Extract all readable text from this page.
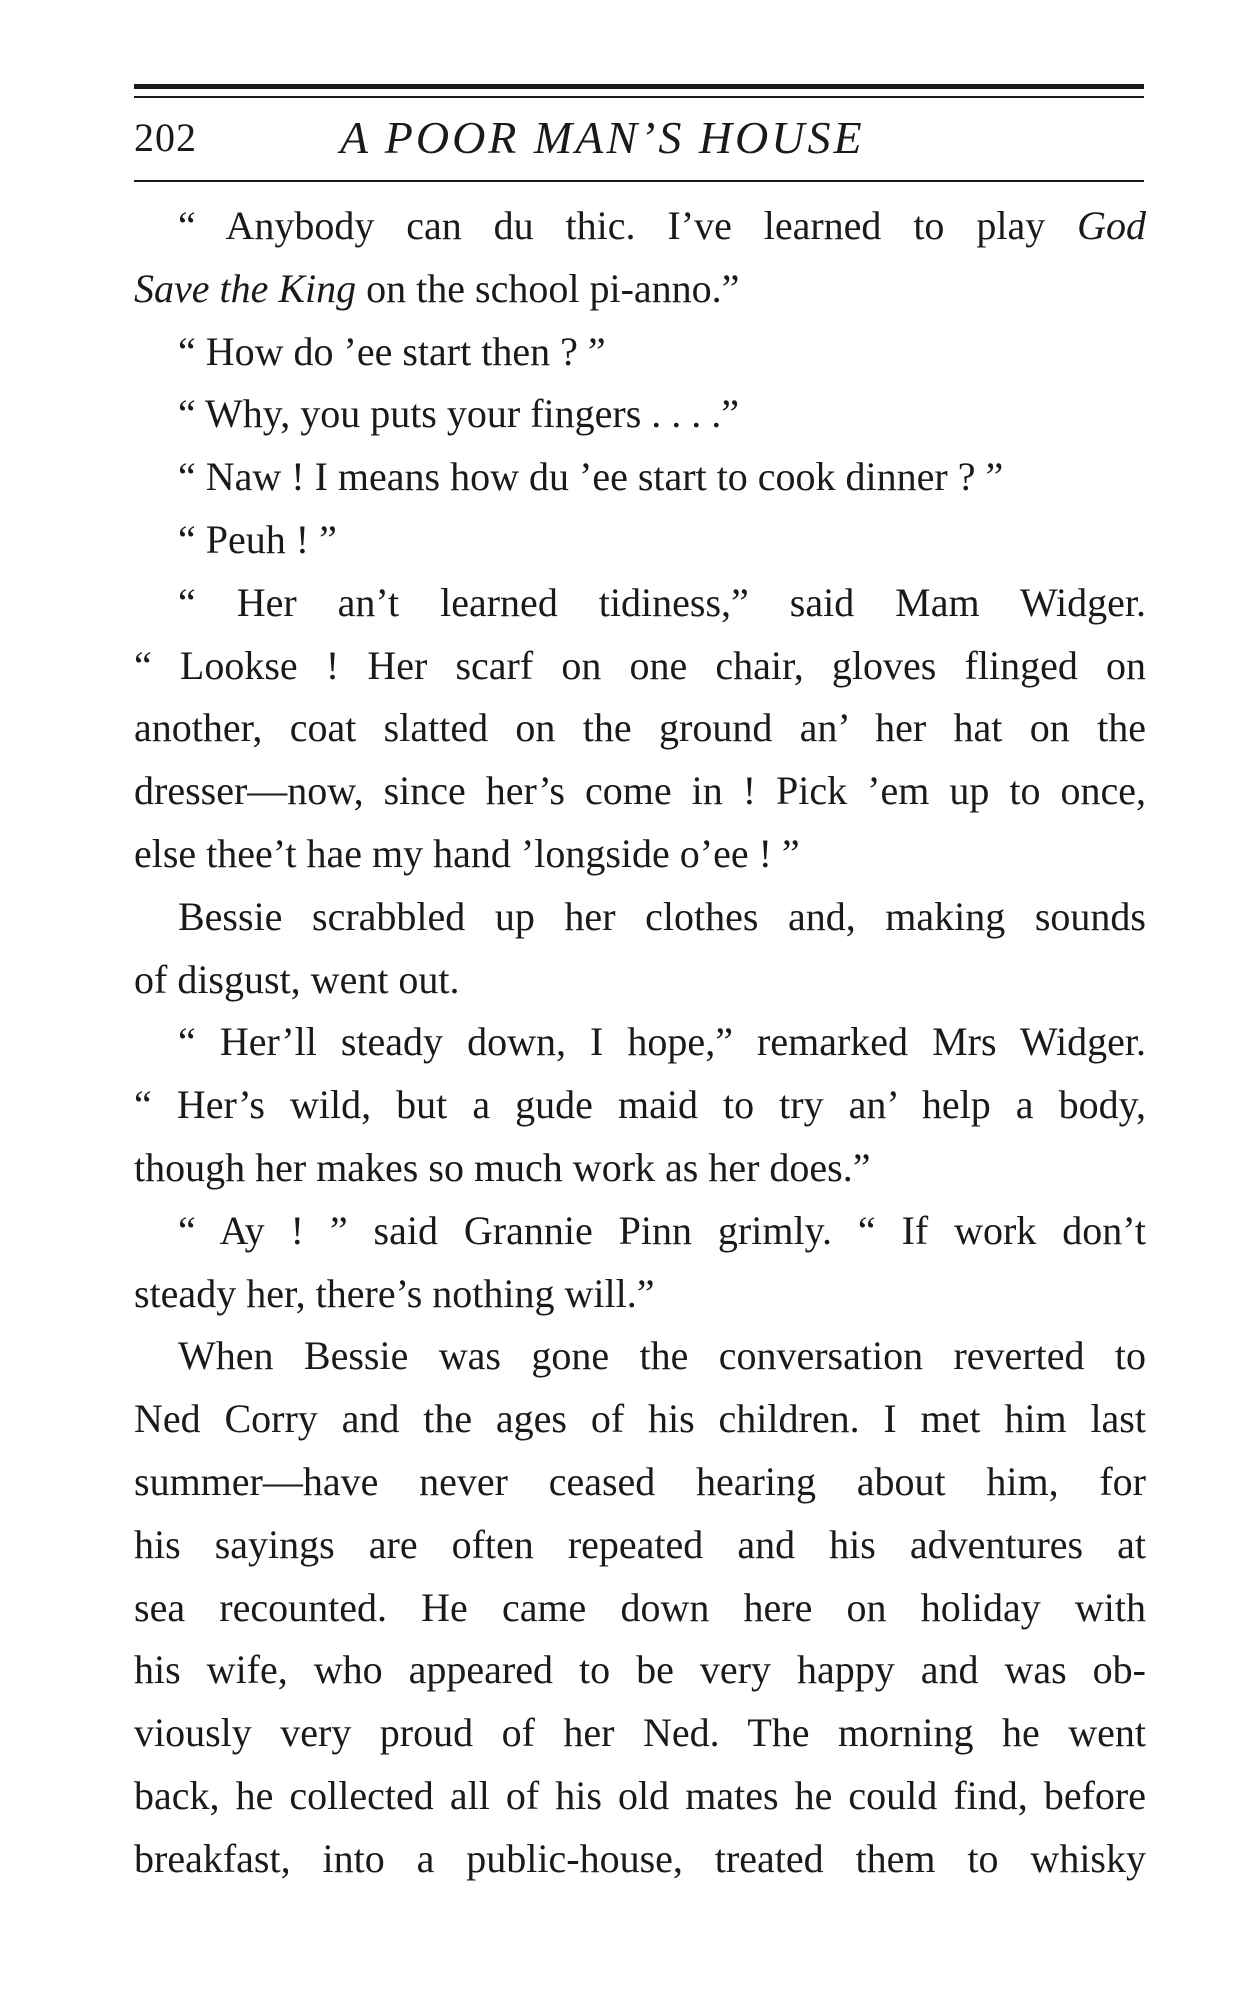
202	A POOR MAN’S HOUSE
“ Anybody can du thic. I’ve learned to play God
Save the King on the school pi-anno.”
“ How do ’ee start then ? ”
“ Why, you puts your fingers . . . .”
“ Naw ! I means how du ’ee start to cook dinner ? ”
“ Peuh ! ”
“ Her an’t learned tidiness,” said Mam Widger.
“ Lookse ! Her scarf on one chair, gloves flinged on
another, coat slatted on the ground an’ her hat on the
dresser—now, since her’s come in ! Pick ’em up to once,
else thee’t hae my hand ’longside o’ee ! ”
Bessie scrabbled up her clothes and, making sounds
of disgust, went out.
“ Her’ll steady down, I hope,” remarked Mrs Widger.
“ Her’s wild, but a gude maid to try an’ help a body,
though her makes so much work as her does.”
“ Ay ! ” said Grannie Pinn grimly. “ If work don’t
steady her, there’s nothing will.”
When Bessie was gone the conversation reverted to
Ned Corry and the ages of his children. I met him last
summer—have never ceased hearing about him, for
his sayings are often repeated and his adventures at
sea recounted. He came down here on holiday with
his wife, who appeared to be very happy and was ob-
viously very proud of her Ned. The morning he went
back, he collected all of his old mates he could find, before
breakfast, into a public-house, treated them to whisky
